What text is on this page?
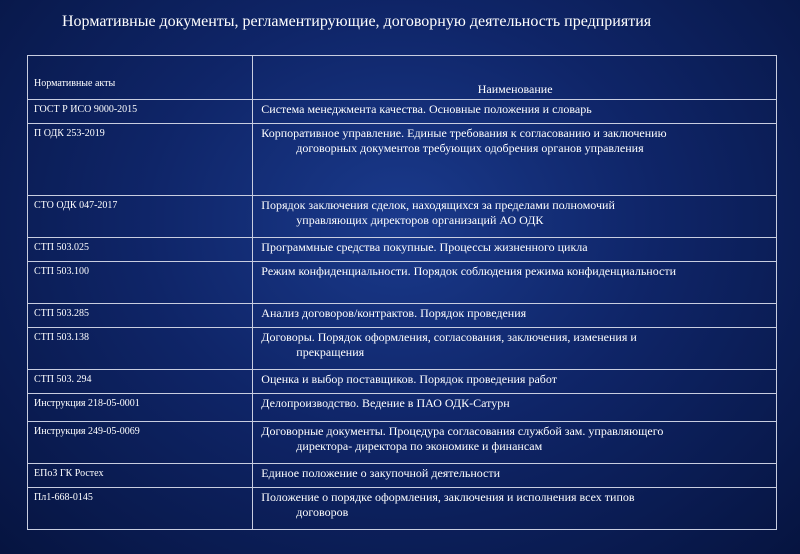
Нормативные документы, регламентирующие, договорную деятельность предприятия
Нормативные акты	Наименование
ГОСТ Р ИСО 9000-2015	Система менеджмента качества. Основные положения и словарь
П ОДК 253-2019	Корпоративное управление. Единые требования к согласованию и заключению
договорных документов требующих одобрения органов управления

СТО ОДК 047-2017	Порядок заключения сделок, находящихся за пределами полномочий
управляющих директоров организаций АО ОДК

СТП 503.025	Программные средства покупные. Процессы жизненного цикла
СТП 503.100	Режим конфиденциальности. Порядок соблюдения режима конфиденциальности
СТП 503.285	Анализ договоров/контрактов. Порядок проведения
СТП 503.138	Договоры. Порядок оформления, согласования, заключения, изменения и
прекращения

СТП 503. 294	Оценка и выбор поставщиков. Порядок проведения работ
Инструкция 218-05-0001	Делопроизводство. Ведение в ПАО ОДК-Сатурн
Инструкция 249-05-0069	Договорные документы. Процедура согласования службой зам. управляющего
директора- директора по экономике и финансам

ЕПоЗ ГК Ростех	Единое положение о закупочной деятельности
Пл1-668-0145	Положение о порядке оформления, заключения и исполнения всех типов
договоров
